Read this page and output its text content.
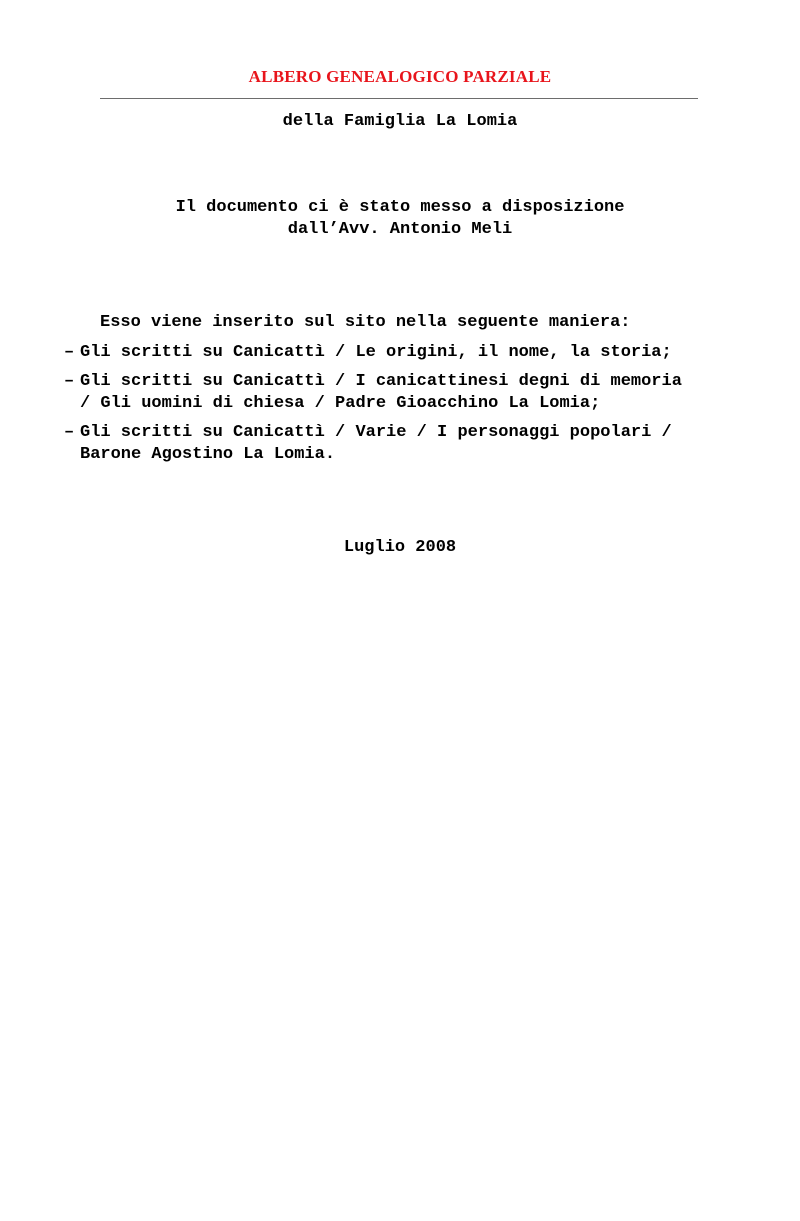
ALBERO GENEALOGICO PARZIALE
della Famiglia La Lomia
Il documento ci è stato messo a disposizione
dall’Avv. Antonio Meli
Esso viene inserito sul sito nella seguente maniera:
– Gli scritti su Canicattì / Le origini, il nome, la storia;
– Gli scritti su Canicattì / I canicattinesi degni di memoria
/ Gli uomini di chiesa / Padre Gioacchino La Lomia;
– Gli scritti su Canicattì / Varie / I personaggi popolari /
Barone Agostino La Lomia.
Luglio 2008
